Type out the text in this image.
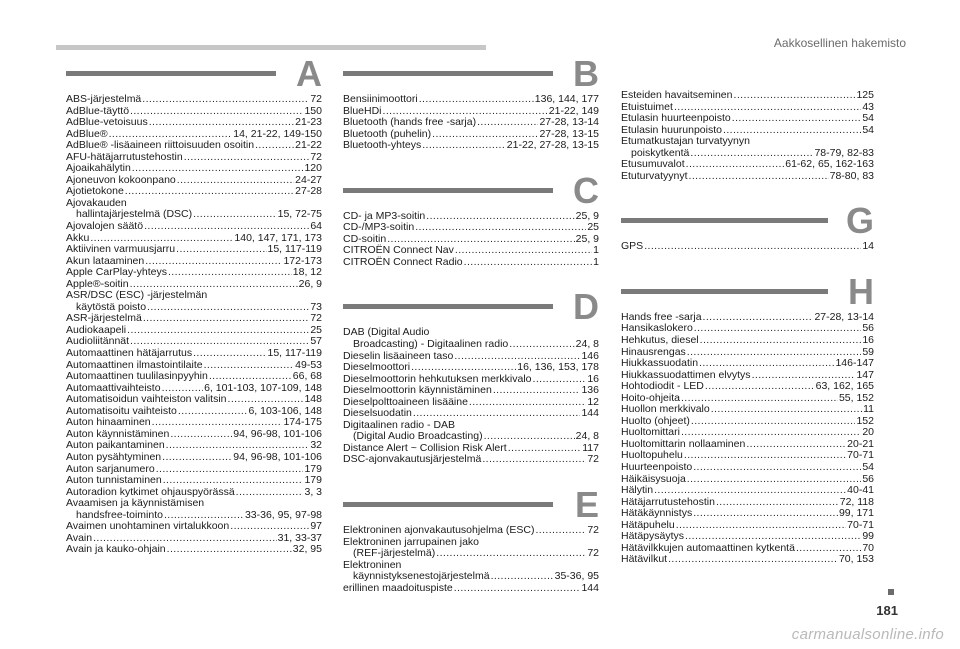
Aakkosellinen hakemisto
A
ABS-järjestelmä .....	72
AdBlue-täyttö .....	150
AdBlue-vetoisuus .....	21-23
AdBlue® .....	14, 21-22, 149-150
AdBlue® -lisäaineen riittoisuuden osoitin .....	21-22
AFU-hätäjarrutustehostin .....	72
Ajoaikahälytin .....	120
Ajoneuvon kokoonpano .....	24-27
Ajotietokone .....	27-28
Ajovakauden
hallintajärjestelmä (DSC) .....	15, 72-75
Ajovalojen säätö .....	64
Akku .....	140, 147, 171, 173
Aktiivinen varmuusjarru .....	15, 117-119
Akun lataaminen .....	172-173
Apple CarPlay-yhteys .....	18, 12
Apple®-soitin .....	26, 9
ASR/DSC (ESC) -järjestelmän
käytöstä poisto .....	73
ASR-järjestelmä .....	72
Audiokaapeli .....	25
Audioliitännät .....	57
Automaattinen hätäjarrutus .....	15, 117-119
Automaattinen ilmastointilaite .....	49-53
Automaattinen tuulilasinpyyhin .....	66, 68
Automaattivaihteisto .....	6, 101-103, 107-109, 148
Automatisoidun vaihteiston valitsin .....	148
Automatisoitu vaihteisto .....	6, 103-106, 148
Auton hinaaminen .....	174-175
Auton käynnistäminen .....	94, 96-98, 101-106
Auton paikantaminen .....	32
Auton pysähtyminen .....	94, 96-98, 101-106
Auton sarjanumero .....	179
Auton tunnistaminen .....	179
Autoradion kytkimet ohjauspyörässä .....	3, 3
Avaamisen ja käynnistämisen
handsfree-toiminto .....	33-36, 95, 97-98
Avaimen unohtaminen virtalukkoon .....	97
Avain .....	31, 33-37
Avain ja kauko-ohjain .....	32, 95
B
Bensiinimoottori .....	136, 144, 177
BlueHDi .....	21-22, 149
Bluetooth (hands free -sarja) .....	27-28, 13-14
Bluetooth (puhelin) .....	27-28, 13-15
Bluetooth-yhteys .....	21-22, 27-28, 13-15
C
CD- ja MP3-soitin .....	25, 9
CD-/MP3-soitin .....	25
CD-soitin .....	25, 9
CITROËN Connect Nav .....	1
CITROËN Connect Radio .....	1
D
DAB (Digital Audio
Broadcasting) - Digitaalinen radio .....	24, 8
Dieselin lisäaineen taso .....	146
Dieselmoottori .....	16, 136, 153, 178
Dieselmoottorin hehkutuksen merkkivalo .....	16
Dieselmoottorin käynnistäminen .....	136
Dieselpolttoaineen lisääine .....	12
Dieselsuodatin .....	144
Digitaalinen radio - DAB
(Digital Audio Broadcasting) .....	24, 8
Distance Alert ~ Collision Risk Alert .....	117
DSC-ajonvakautusjärjestelmä .....	72
E
Elektroninen ajonvakautusohjelma (ESC) .....	72
Elektroninen jarrupainen jako
(REF-järjestelmä) .....	72
Elektroninen
käynnistyksenestojärjestelmä .....	35-36, 95
erillinen maadoituspiste .....	144
Esteiden havaitseminen .....	125
Etuistuimet .....	43
Etulasin huurteenpoisto .....	54
Etulasin huurunpoisto .....	54
Etumatkustajan turvatyynyn
poiskytkentä .....	78-79, 82-83
Etusumuvalot .....	61-62, 65, 162-163
Etuturvatyynyt .....	78-80, 83
G
GPS .....	14
H
Hands free -sarja .....	27-28, 13-14
Hansikaslokero .....	56
Hehkutus, diesel .....	16
Hinausrengas .....	59
Hiukkassuodatin .....	146-147
Hiukkassuodattimen elvytys .....	147
Hohtodiodit - LED .....	63, 162, 165
Hoito-ohjeita .....	55, 152
Huollon merkkivalo .....	11
Huolto (ohjeet) .....	152
Huoltomittari .....	20
Huoltomittarin nollaaminen .....	20-21
Huoltopuhelu .....	70-71
Huurteenpoisto .....	54
Häikäisysuoja .....	56
Hälytin .....	40-41
Hätäjarrutustehostin .....	72, 118
Hätäkäynnistys .....	99, 171
Hätäpuhelu .....	70-71
Hätäpysäytys .....	99
Hätävilkkujen automaattinen kytkentä .....	70
Hätävilkut .....	70, 153
181
carmanualsonline.info
